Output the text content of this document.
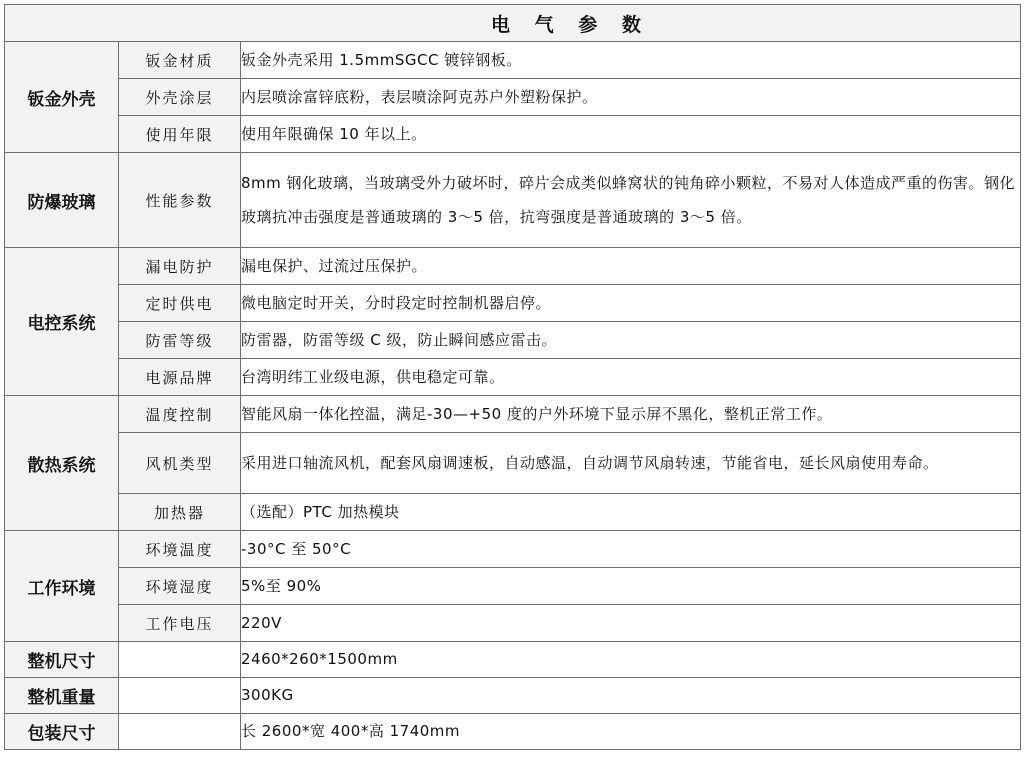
电 气 参 数		
钣金外壳	钣金材质	钣金外壳采用 1.5mmSGCC 镀锌钢板。
	外壳涂层	内层喷涂富锌底粉，表层喷涂阿克苏户外塑粉保护。
	使用年限	使用年限确保 10 年以上。
防爆玻璃	性能参数	8mm 钢化玻璃，当玻璃受外力破坏时，碎片会成类似蜂窝状的钝角碎小颗粒，不易对人体造成严重的伤害。钢化玻璃抗冲击强度是普通玻璃的 3～5 倍，抗弯强度是普通玻璃的 3～5 倍。
电控系统	漏电防护	漏电保护、过流过压保护。
	定时供电	微电脑定时开关，分时段定时控制机器启停。
	防雷等级	防雷器，防雷等级 C 级，防止瞬间感应雷击。
	电源品牌	台湾明纬工业级电源，供电稳定可靠。
散热系统	温度控制	智能风扇一体化控温，满足-30—+50 度的户外环境下显示屏不黑化，整机正常工作。
	风机类型	采用进口轴流风机，配套风扇调速板，自动感温，自动调节风扇转速，节能省电，延长风扇使用寿命。
	加热器	（选配）PTC 加热模块
工作环境	环境温度	-30°C 至 50°C
	环境湿度	5%至 90%
	工作电压	220V
整机尺寸		2460*260*1500mm
整机重量		300KG
包装尺寸		长 2600*宽 400*高 1740mm
